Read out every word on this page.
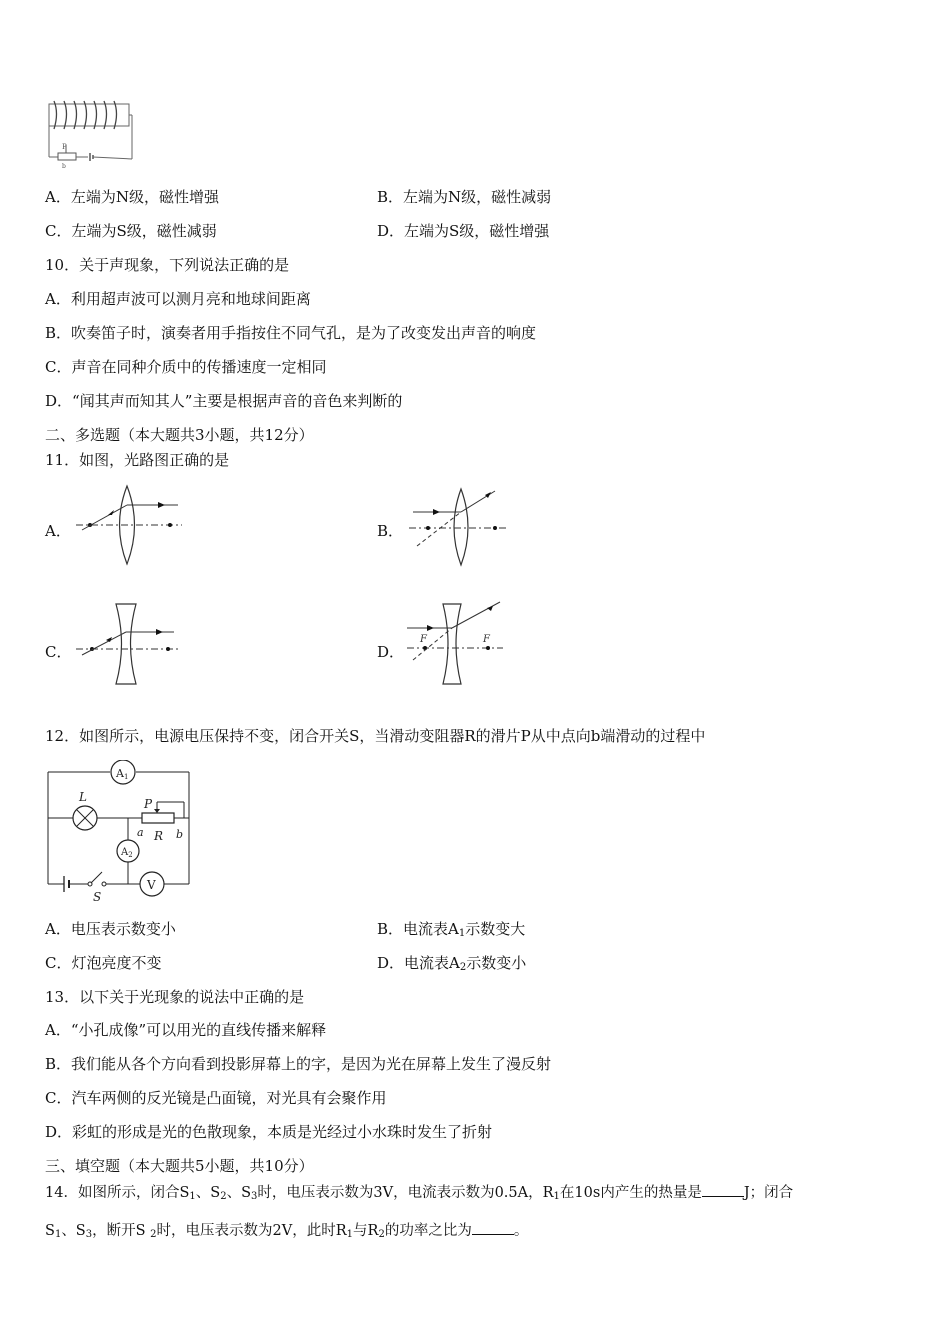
P
b
A．左端为N级，磁性增强	B．左端为N级，磁性减弱
C．左端为S级，磁性减弱	D．左端为S级，磁性增强
10．关于声现象，下列说法正确的是
A．利用超声波可以测月亮和地球间距离
B．吹奏笛子时，演奏者用手指按住不同气孔，是为了改变发出声音的响度
C．声音在同种介质中的传播速度一定相同
D．“闻其声而知其人”主要是根据声音的音色来判断的
二、多选题（本大题共3小题，共12分）
11．如图，光路图正确的是
A．	B．
C．	D．
F	F
12．如图所示，电源电压保持不变，闭合开关S，当滑动变阻器R的滑片P从中点向b端滑动的过程中
A1
L	P
a R b
$A_2$
S
V
A．电压表示数变小	B．电流表$A_1$示数变大
C．灯泡亮度不变	D．电流表$A_2$示数变小
13．以下关于光现象的说法中正确的是
A．“小孔成像”可以用光的直线传播来解释
B．我们能从各个方向看到投影屏幕上的字，是因为光在屏幕上发生了漫反射
C．汽车两侧的反光镜是凸面镜，对光具有会聚作用
D．彩虹的形成是光的色散现象，本质是光经过小水珠时发生了折射
三、填空题（本大题共5小题，共10分）
14．如图所示，闭合$S_1$、$S_2$、$S_3$时，电压表示数为3V，电流表示数为0.5A，$R_1$在10s内产生的热量是	J；闭合
$S_1$、$S_3$，断开S $_2$时，电压表示数为2V，此时$R_1$与$R_2$的功率之比为	。
